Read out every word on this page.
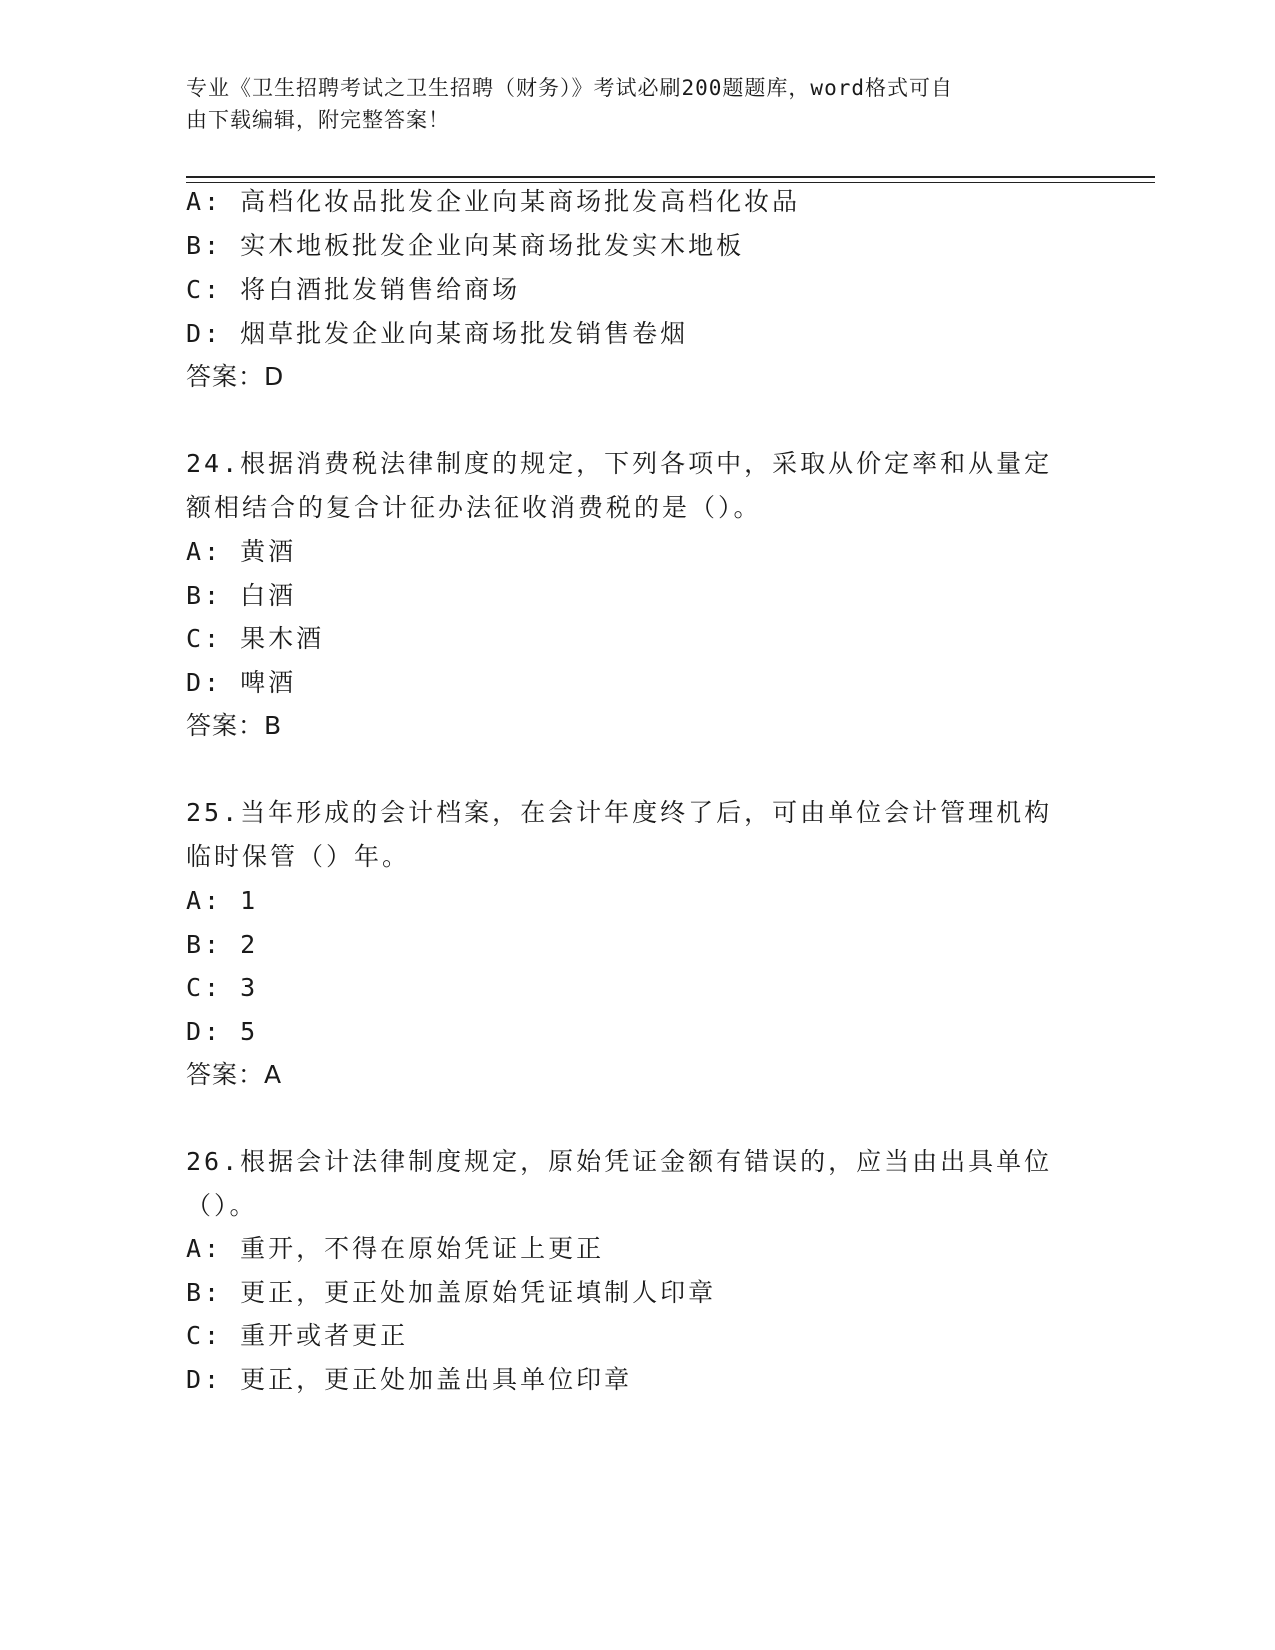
专业《卫生招聘考试之卫生招聘（财务）》考试必刷200题题库，word格式可自
由下载编辑，附完整答案！
A: 高档化妆品批发企业向某商场批发高档化妆品
B: 实木地板批发企业向某商场批发实木地板
C: 将白酒批发销售给商场
D: 烟草批发企业向某商场批发销售卷烟
答案：D
24.根据消费税法律制度的规定，下列各项中，采取从价定率和从量定
额相结合的复合计征办法征收消费税的是（）。
A: 黄酒
B: 白酒
C: 果木酒
D: 啤酒
答案：B
25.当年形成的会计档案，在会计年度终了后，可由单位会计管理机构
临时保管（）年。
A: 1
B: 2
C: 3
D: 5
答案：A
26.根据会计法律制度规定，原始凭证金额有错误的，应当由出具单位
（）。
A: 重开，不得在原始凭证上更正
B: 更正，更正处加盖原始凭证填制人印章
C: 重开或者更正
D: 更正，更正处加盖出具单位印章
